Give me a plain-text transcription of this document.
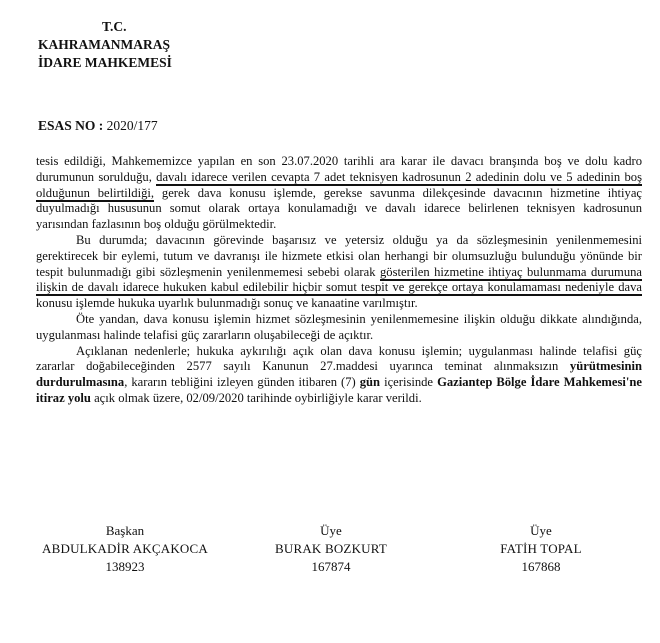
T.C.
KAHRAMANMARAŞ
İDARE MAHKEMESİ
ESAS NO : 2020/177

tesis edildiği, Mahkememizce yapılan en son 23.07.2020 tarihli ara karar ile davacı branşında boş ve dolu kadro durumunun sorulduğu, davalı idarece verilen cevapta 7 adet teknisyen kadrosunun 2 adedinin dolu ve 5 adedinin boş olduğunun belirtildiği, gerek dava konusu işlemde, gerekse savunma dilekçesinde davacının hizmetine ihtiyaç duyulmadığı hususunun somut olarak ortaya konulamadığı ve davalı idarece belirlenen teknisyen kadrosunun yarısından fazlasının boş olduğu görülmektedir.

Bu durumda; davacının görevinde başarısız ve yetersiz olduğu ya da sözleşmesinin yenilenmemesini gerektirecek bir eylemi, tutum ve davranışı ile hizmete etkisi olan herhangi bir olumsuzluğu bulunduğu yönünde bir tespit bulunmadığı gibi sözleşmenin yenilenmemesi sebebi olarak gösterilen hizmetine ihtiyaç bulunmama durumuna ilişkin de davalı idarece hukuken kabul edilebilir hiçbir somut tespit ve gerekçe ortaya konulamaması nedeniyle dava konusu işlemde hukuka uyarlık bulunmadığı sonuç ve kanaatine varılmıştır.

Öte yandan, dava konusu işlemin hizmet sözleşmesinin yenilenmemesine ilişkin olduğu dikkate alındığında, uygulanması halinde telafisi güç zararların oluşabileceği de açıktır.

Açıklanan nedenlerle; hukuka aykırılığı açık olan dava konusu işlemin; uygulanması halinde telafisi güç zararlar doğabileceğinden 2577 sayılı Kanunun 27.maddesi uyarınca teminat alınmaksızın yürütmesinin durdurulmasına, kararın tebliğini izleyen günden itibaren (7) gün içerisinde Gaziantep Bölge İdare Mahkemesi'ne itiraz yolu açık olmak üzere, 02/09/2020 tarihinde oybirliğiyle karar verildi.

Başkan
ABDULKADİR AKÇAKOCA
138923
Üye
BURAK BOZKURT
167874
Üye
FATİH TOPAL
167868
